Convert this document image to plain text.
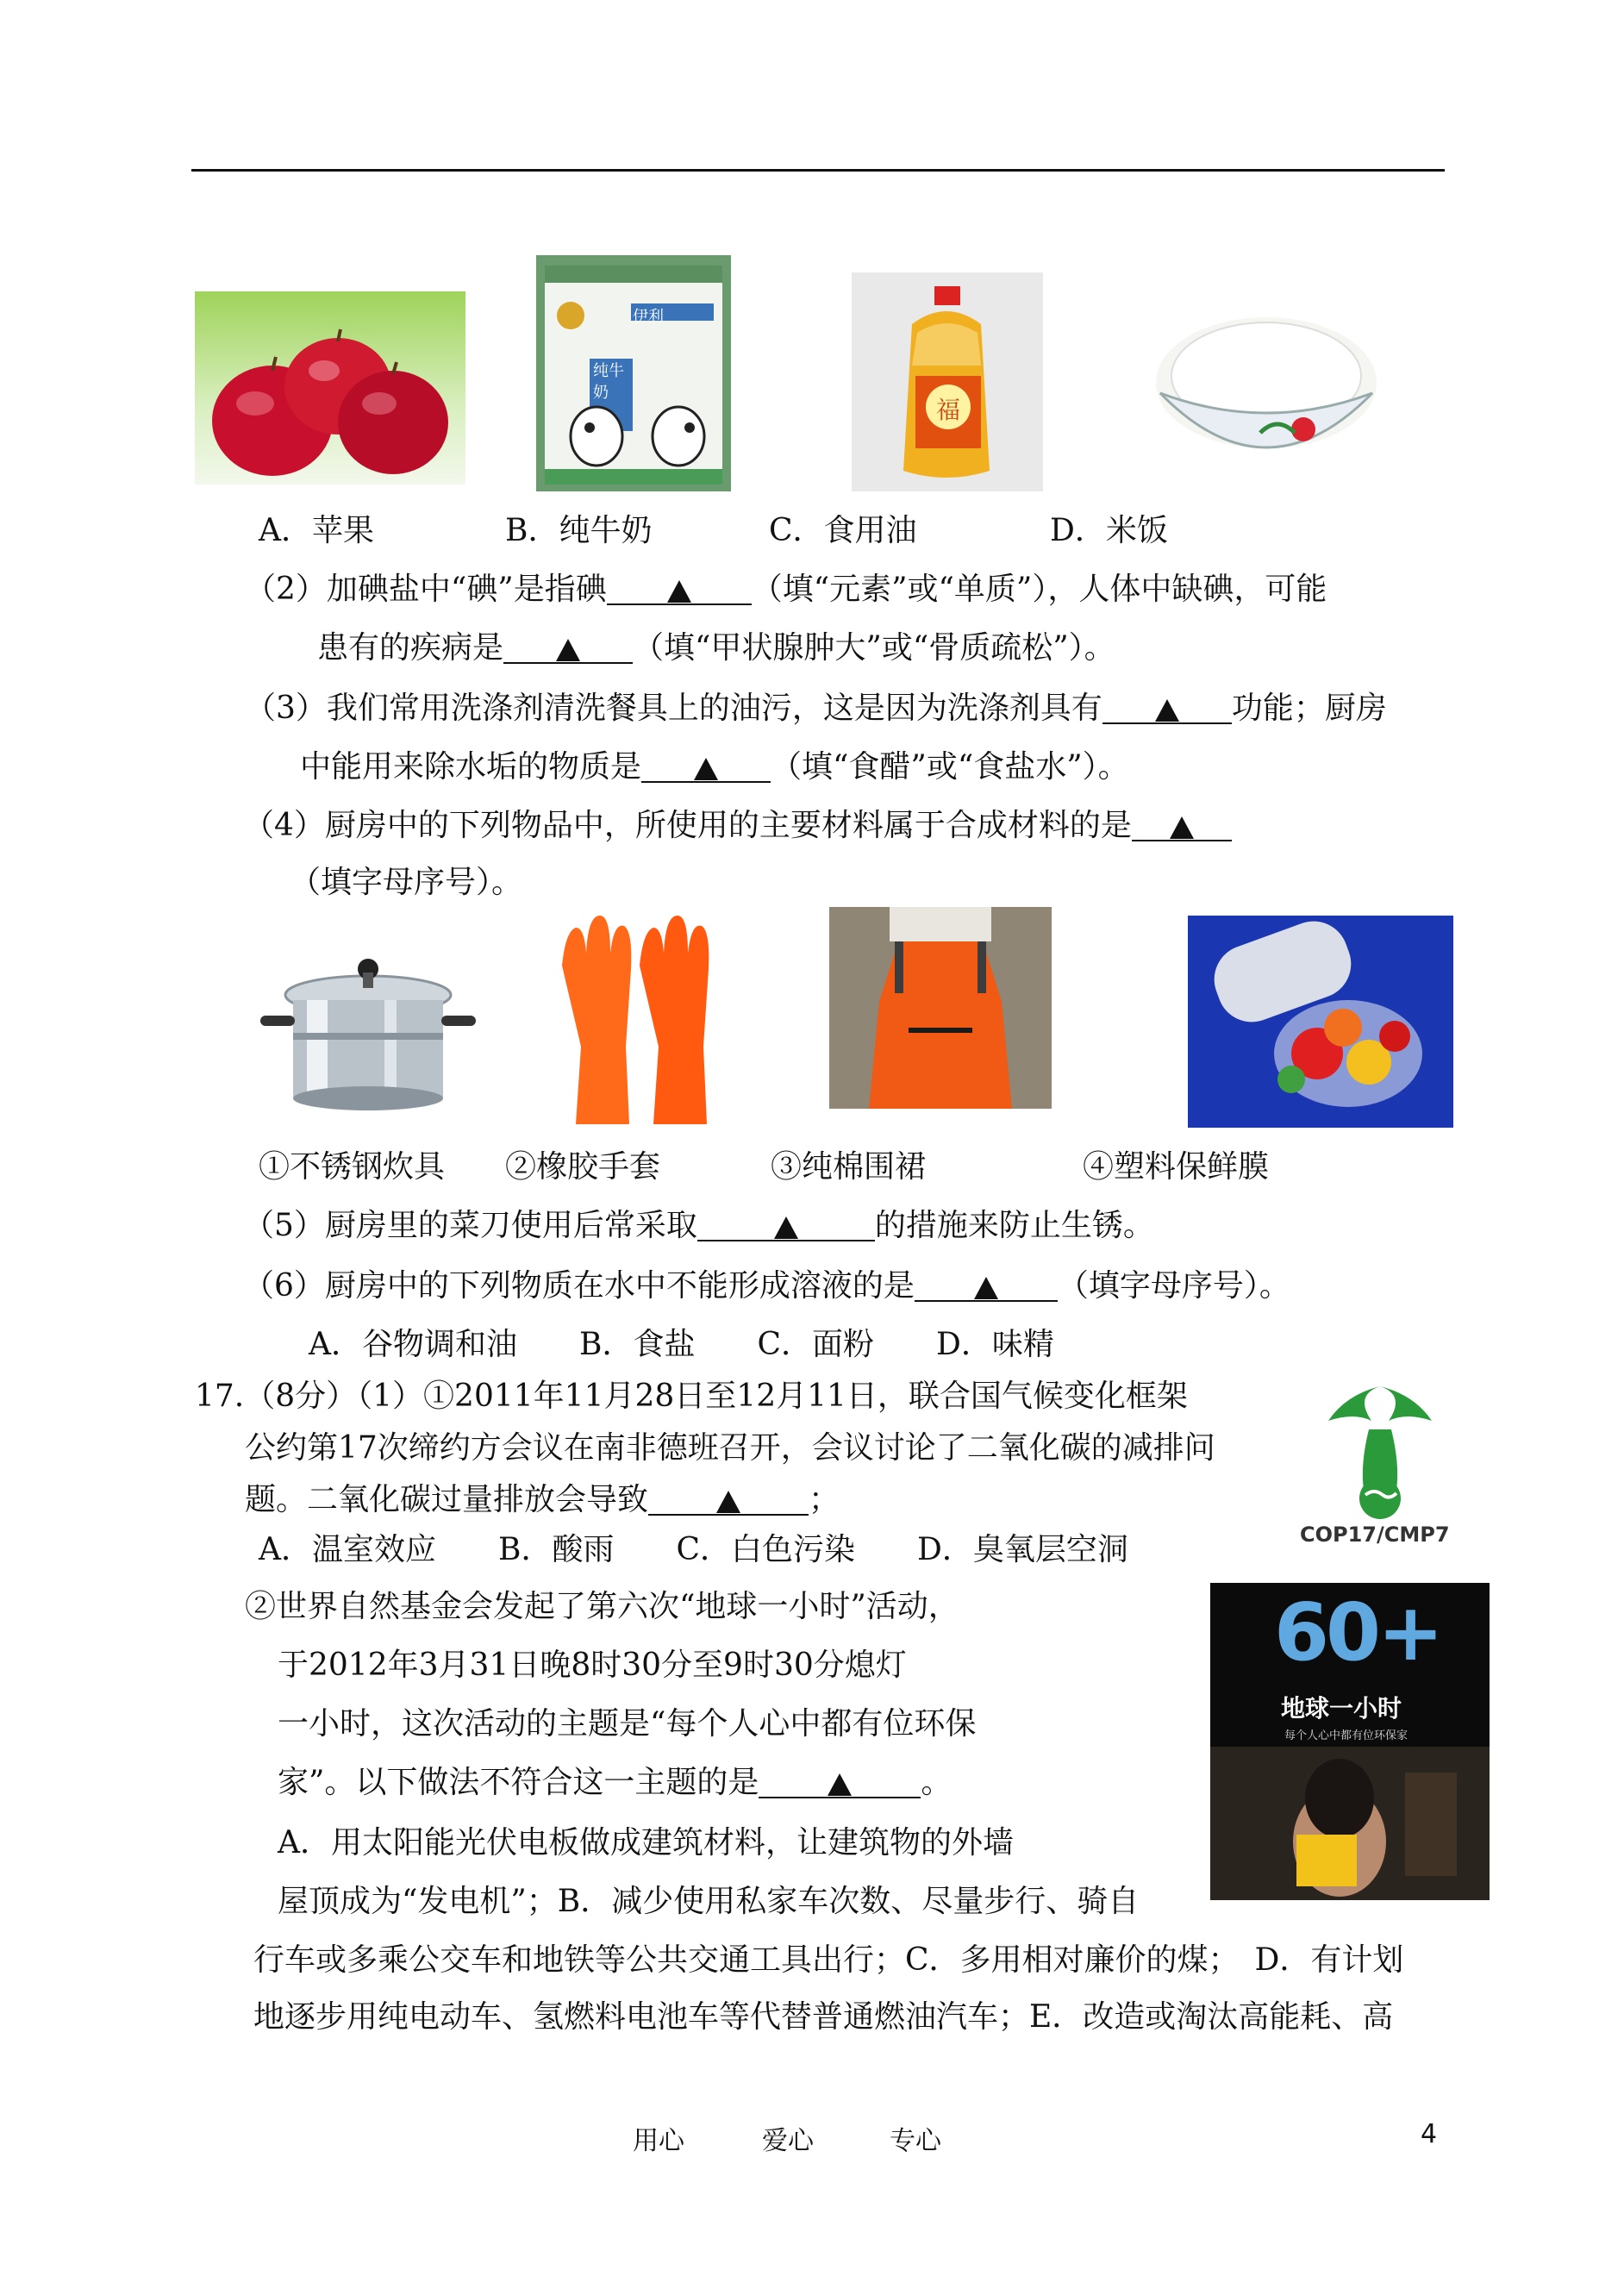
伊利
纯牛奶
福
A．苹果	B．纯牛奶	C．食用油	D．米饭
（2）加碘盐中“碘”是指碘	（填“元素”或“单质”），人体中缺碘，可能
患有的疾病是	（填“甲状腺肿大”或“骨质疏松”）。
（3）我们常用洗涤剂清洗餐具上的油污，这是因为洗涤剂具有	功能；厨房
中能用来除水垢的物质是	（填“食醋”或“食盐水”）。
（4）厨房中的下列物品中，所使用的主要材料属于合成材料的是
（填字母序号）。
①不锈钢炊具 ②橡胶手套	③纯棉围裙	④塑料保鲜膜
（5）厨房里的菜刀使用后常采取	的措施来防止生锈。
（6）厨房中的下列物质在水中不能形成溶液的是	（填字母序号）。
A．谷物调和油　　B．食盐　　C．面粉　　D．味精
17.（8分）（1）①2011年11月28日至12月11日，联合国气候变化框架
公约第17次缔约方会议在南非德班召开，会议讨论了二氧化碳的减排问
题。二氧化碳过量排放会导致	；
A．温室效应　　B．酸雨　　C．白色污染　　D．臭氧层空洞	COP17/CMP7
②世界自然基金会发起了第六次“地球一小时”活动，
于2012年3月31日晚8时30分至9时30分熄灯
一小时，这次活动的主题是“每个人心中都有位环保
家”。以下做法不符合这一主题的是	。
A．用太阳能光伏电板做成建筑材料，让建筑物的外墙
屋顶成为“发电机”；B．减少使用私家车次数、尽量步行、骑自
行车或多乘公交车和地铁等公共交通工具出行；C．多用相对廉价的煤；　D．有计划
地逐步用纯电动车、氢燃料电池车等代替普通燃油汽车；E．改造或淘汰高能耗、高
60+
地球一小时
每个人心中都有位环保家
用心	爱心	专心	4
